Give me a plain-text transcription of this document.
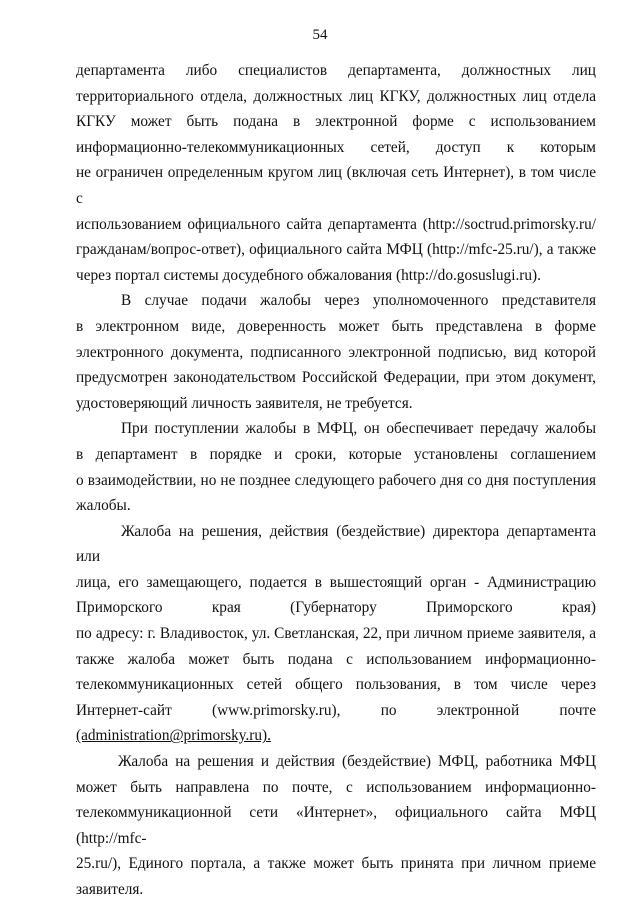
54
департамента либо специалистов департамента, должностных лиц
территориального отдела, должностных лиц КГКУ, должностных лиц отдела
КГКУ может быть подана в электронной форме с использованием
информационно-телекоммуникационных сетей, доступ к которым
не ограничен определенным кругом лиц (включая сеть Интернет), в том числе с
использованием официального сайта департамента (http://soctrud.primorsky.ru/
гражданам/вопрос-ответ), официального сайта МФЦ (http://mfc-25.ru/), а также
через портал системы досудебного обжалования (http://do.gosuslugi.ru).
В случае подачи жалобы через уполномоченного представителя
в электронном виде, доверенность может быть представлена в форме
электронного документа, подписанного электронной подписью, вид которой
предусмотрен законодательством Российской Федерации, при этом документ,
удостоверяющий личность заявителя, не требуется.
При поступлении жалобы в МФЦ, он обеспечивает передачу жалобы
в департамент в порядке и сроки, которые установлены соглашением
о взаимодействии, но не позднее следующего рабочего дня со дня поступления
жалобы.
Жалоба на решения, действия (бездействие) директора департамента или
лица, его замещающего, подается в вышестоящий орган - Администрацию
Приморского края (Губернатору Приморского края)
по адресу: г. Владивосток, ул. Светланская, 22, при личном приеме заявителя, а
также жалоба может быть подана с использованием информационно-
телекоммуникационных сетей общего пользования, в том числе через
Интернет-сайт (www.primorsky.ru), по электронной почте
(administration@primorsky.ru).
Жалоба на решения и действия (бездействие) МФЦ, работника МФЦ
может быть направлена по почте, с использованием информационно-
телекоммуникационной сети «Интернет», официального сайта МФЦ (http://mfc-
25.ru/), Единого портала, а также может быть принята при личном приеме
заявителя.
